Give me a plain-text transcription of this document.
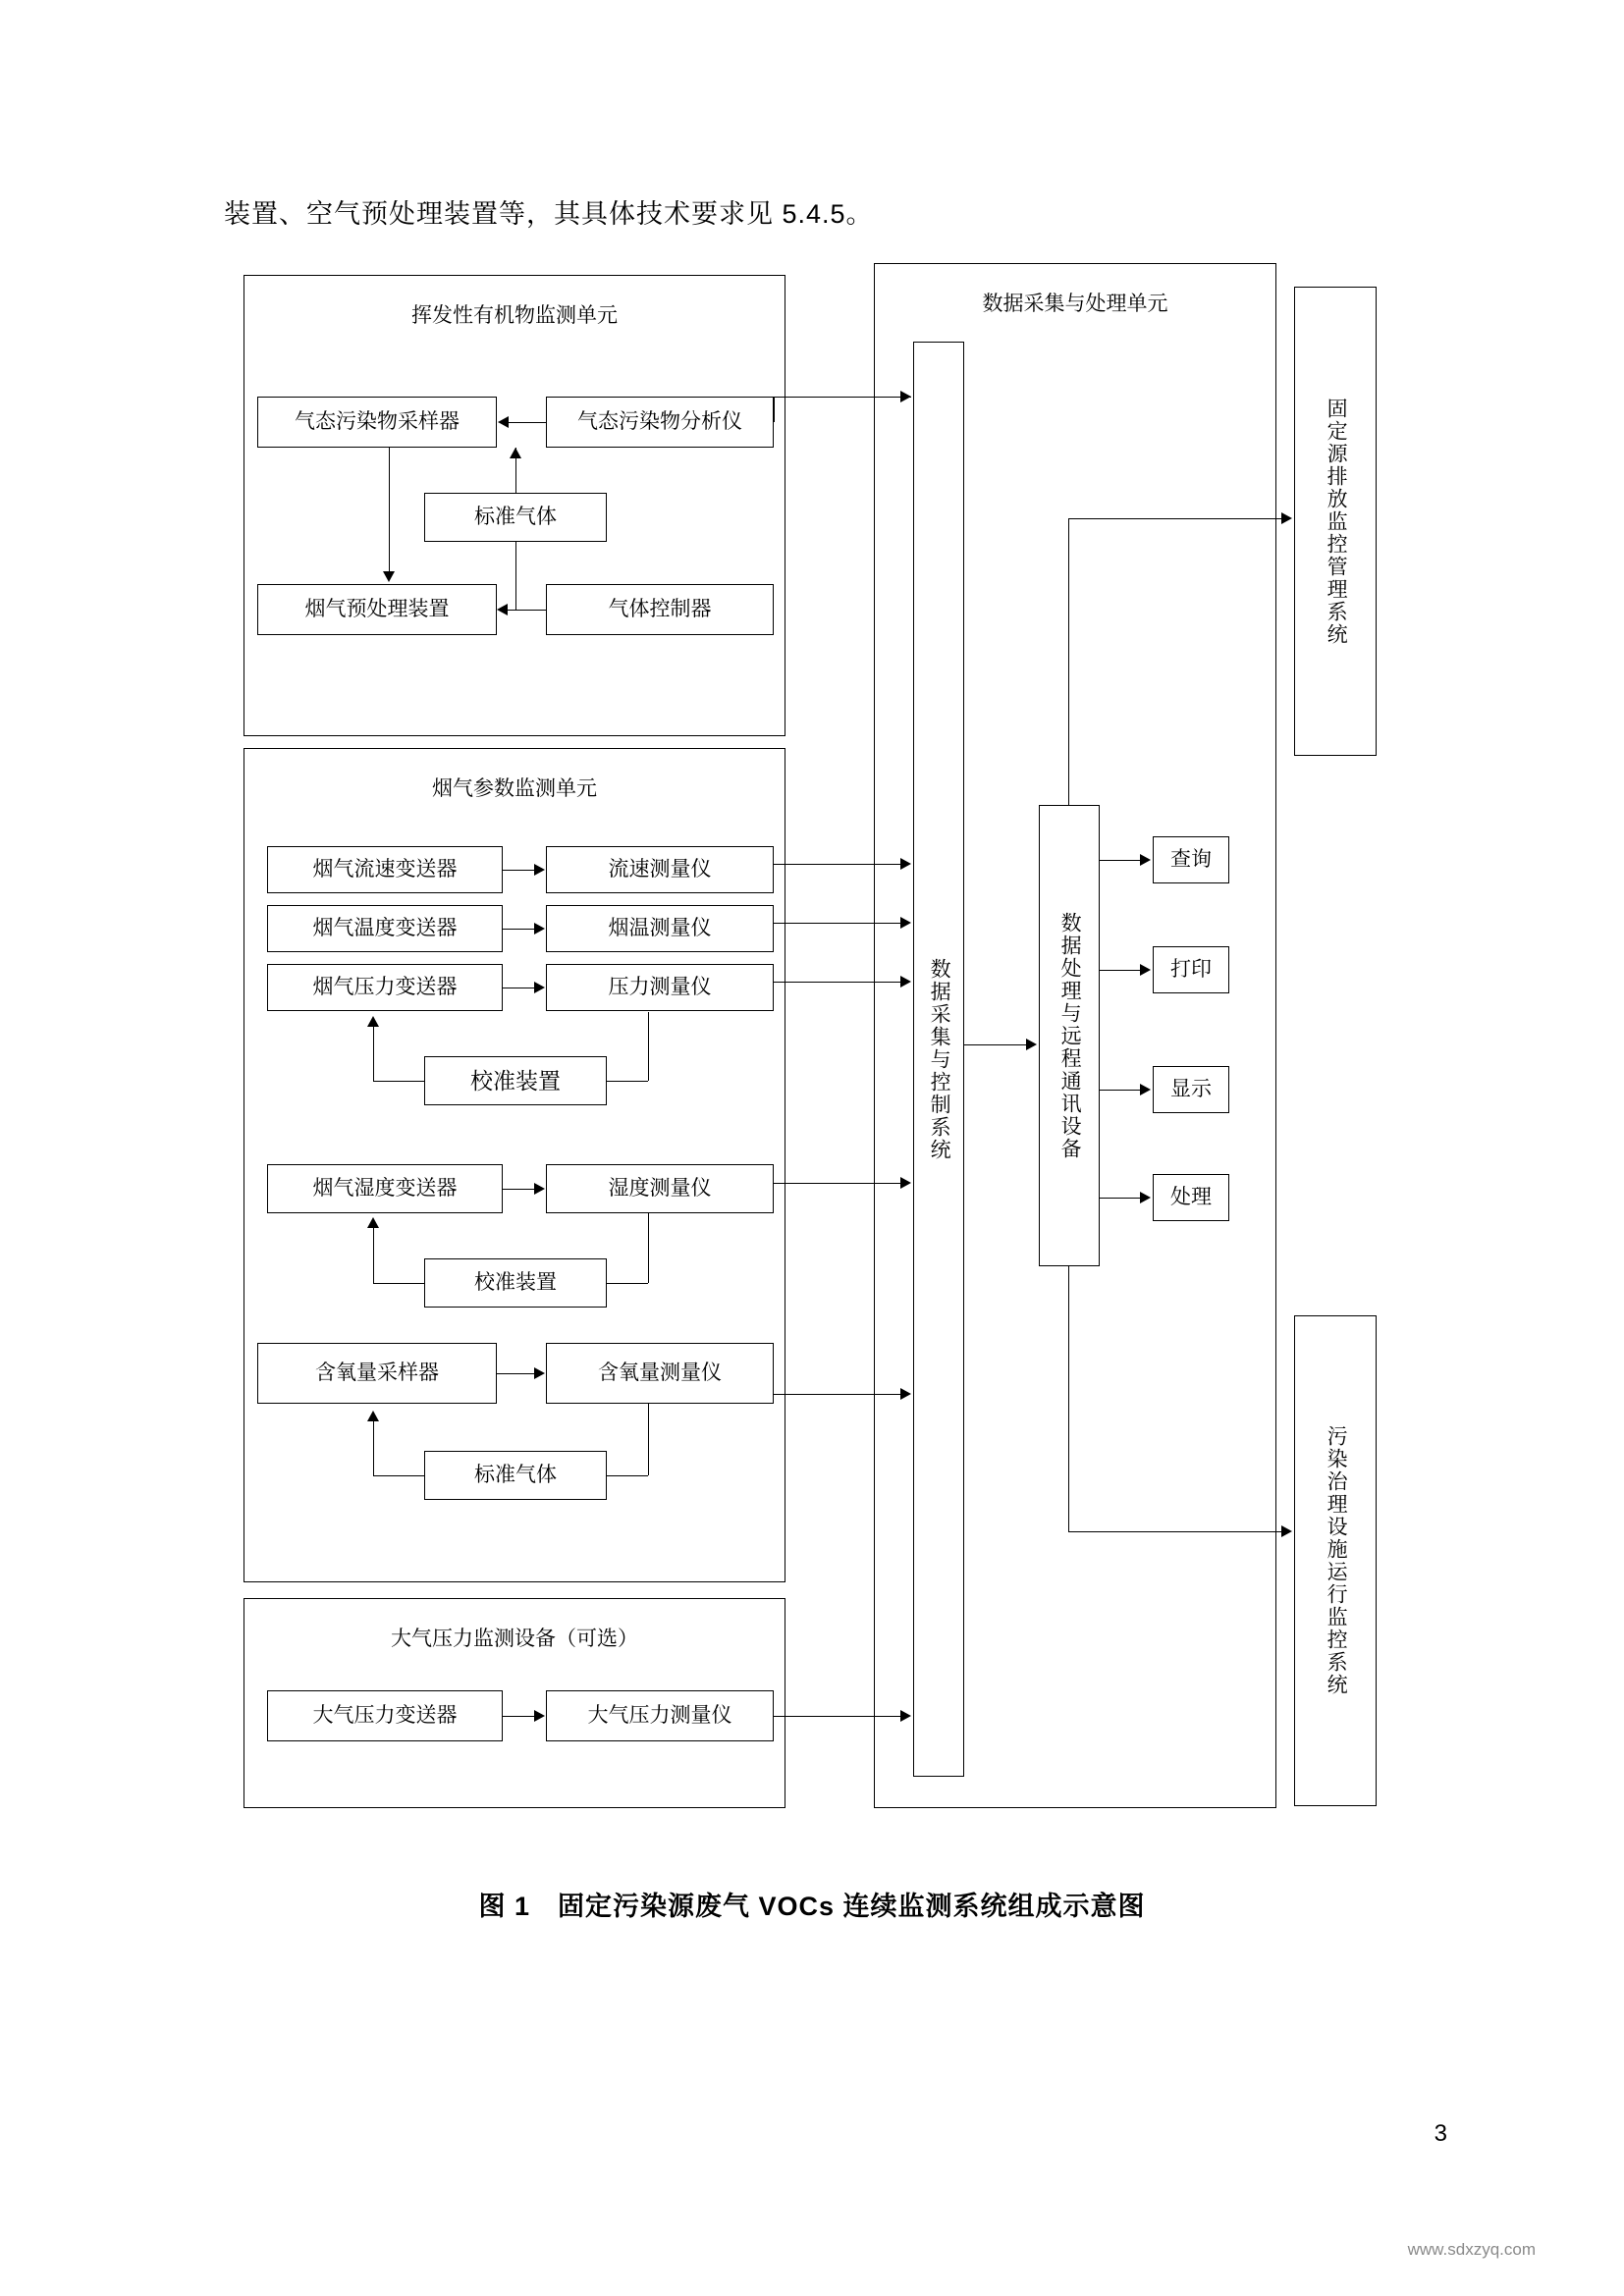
装置、空气预处理装置等，其具体技术要求见 5.4.5。
挥发性有机物监测单元
烟气参数监测单元
大气压力监测设备（可选）
数据采集与处理单元
气态污染物采样器	气态污染物分析仪
标准气体
烟气预处理装置	气体控制器
烟气流速变送器	流速测量仪
烟气温度变送器	烟温测量仪
烟气压力变送器	压力测量仪
校准装置
烟气湿度变送器	湿度测量仪
校准装置
含氧量采样器	含氧量测量仪
标准气体
大气压力变送器	大气压力测量仪
数据采集与控制系统	数据处理与远程通讯设备
查询
打印
显示
处理
固定源排放监控管理系统
污染治理设施运行监控系统
图 1　固定污染源废气 VOCs 连续监测系统组成示意图
3
www.sdxzyq.com
